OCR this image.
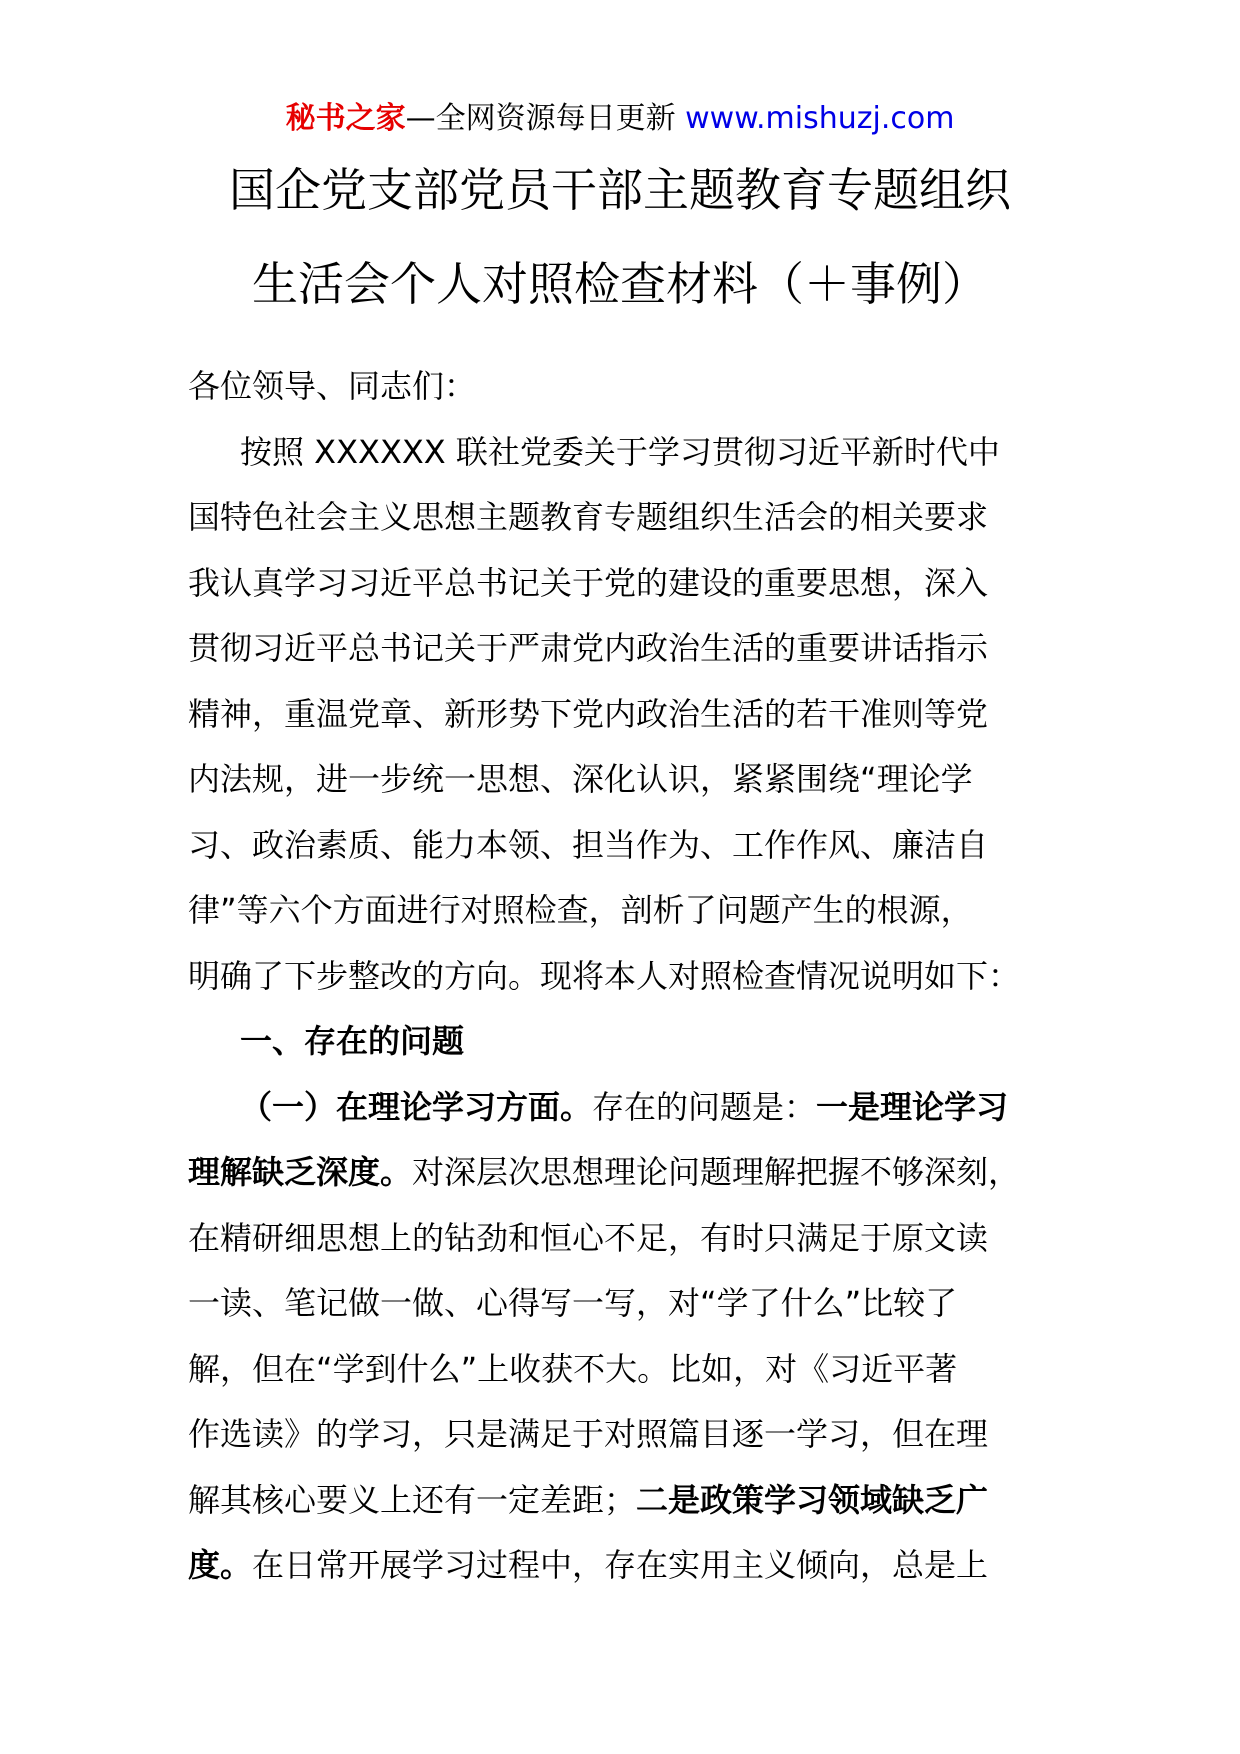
秘书之家—全网资源每日更新 www.mishuzj.com
国企党支部党员干部主题教育专题组织
生活会个人对照检查材料（＋事例）
各位领导、同志们：
按照 XXXXXX 联社党委关于学习贯彻习近平新时代中
国特色社会主义思想主题教育专题组织生活会的相关要求
我认真学习习近平总书记关于党的建设的重要思想，深入
贯彻习近平总书记关于严肃党内政治生活的重要讲话指示
精神，重温党章、新形势下党内政治生活的若干准则等党
内法规，进一步统一思想、深化认识，紧紧围绕“理论学
习、政治素质、能力本领、担当作为、工作作风、廉洁自
律”等六个方面进行对照检查，剖析了问题产生的根源，
明确了下步整改的方向。现将本人对照检查情况说明如下：
一、存在的问题
（一）在理论学习方面。存在的问题是：一是理论学习
理解缺乏深度。对深层次思想理论问题理解把握不够深刻，
在精研细思想上的钻劲和恒心不足，有时只满足于原文读
一读、笔记做一做、心得写一写，对“学了什么”比较了
解，但在“学到什么”上收获不大。比如，对《习近平著
作选读》的学习，只是满足于对照篇目逐一学习，但在理
解其核心要义上还有一定差距；二是政策学习领域缺乏广
度。在日常开展学习过程中，存在实用主义倾向，总是上
